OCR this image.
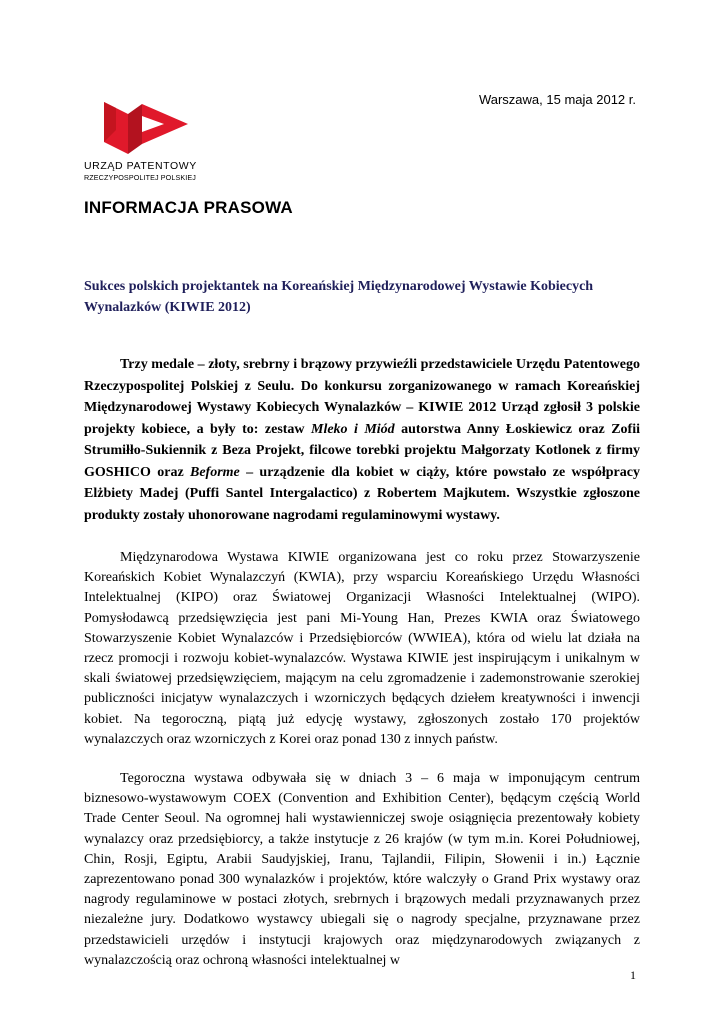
Warszawa, 15 maja 2012 r.
URZĄD PATENTOWY
RZECZYPOSPOLITEJ POLSKIEJ
INFORMACJA PRASOWA
Sukces polskich projektantek na Koreańskiej Międzynarodowej Wystawie Kobiecych Wynalazków (KIWIE 2012)
Trzy medale – złoty, srebrny i brązowy przywieźli przedstawiciele Urzędu Patentowego Rzeczypospolitej Polskiej z Seulu. Do konkursu zorganizowanego w ramach Koreańskiej Międzynarodowej Wystawy Kobiecych Wynalazków – KIWIE 2012 Urząd zgłosił 3 polskie projekty kobiece, a były to: zestaw Mleko i Miód autorstwa Anny Łoskiewicz oraz Zofii Strumiłło-Sukiennik z Beza Projekt, filcowe torebki projektu Małgorzaty Kotlonek z firmy GOSHICO oraz Beforme – urządzenie dla kobiet w ciąży, które powstało ze współpracy Elżbiety Madej (Puffi Santel Intergalactico) z Robertem Majkutem. Wszystkie zgłoszone produkty zostały uhonorowane nagrodami regulaminowymi wystawy.
Międzynarodowa Wystawa KIWIE organizowana jest co roku przez Stowarzyszenie Koreańskich Kobiet Wynalazczyń (KWIA), przy wsparciu Koreańskiego Urzędu Własności Intelektualnej (KIPO) oraz Światowej Organizacji Własności Intelektualnej (WIPO). Pomysłodawcą przedsięwzięcia jest pani Mi-Young Han, Prezes KWIA oraz Światowego Stowarzyszenie Kobiet Wynalazców i Przedsiębiorców (WWIEA), która od wielu lat działa na rzecz promocji i rozwoju kobiet-wynalazców. Wystawa KIWIE jest inspirującym i unikalnym w skali światowej przedsięwzięciem, mającym na celu zgromadzenie i zademonstrowanie szerokiej publiczności inicjatyw wynalazczych i wzorniczych będących dziełem kreatywności i inwencji kobiet. Na tegoroczną, piątą już edycję wystawy, zgłoszonych zostało 170 projektów wynalazczych oraz wzorniczych z Korei oraz ponad 130 z innych państw.
Tegoroczna wystawa odbywała się w dniach 3 – 6 maja w imponującym centrum biznesowo-wystawowym COEX (Convention and Exhibition Center), będącym częścią World Trade Center Seoul. Na ogromnej hali wystawienniczej swoje osiągnięcia prezentowały kobiety wynalazcy oraz przedsiębiorcy, a także instytucje z 26 krajów (w tym m.in. Korei Południowej, Chin, Rosji, Egiptu, Arabii Saudyjskiej, Iranu, Tajlandii, Filipin, Słowenii i in.) Łącznie zaprezentowano ponad 300 wynalazków i projektów, które walczyły o Grand Prix wystawy oraz nagrody regulaminowe w postaci złotych, srebrnych i brązowych medali przyznawanych przez niezależne jury. Dodatkowo wystawcy ubiegali się o nagrody specjalne, przyznawane przez przedstawicieli urzędów i instytucji krajowych oraz międzynarodowych związanych z wynalazczością oraz ochroną własności intelektualnej w
1
